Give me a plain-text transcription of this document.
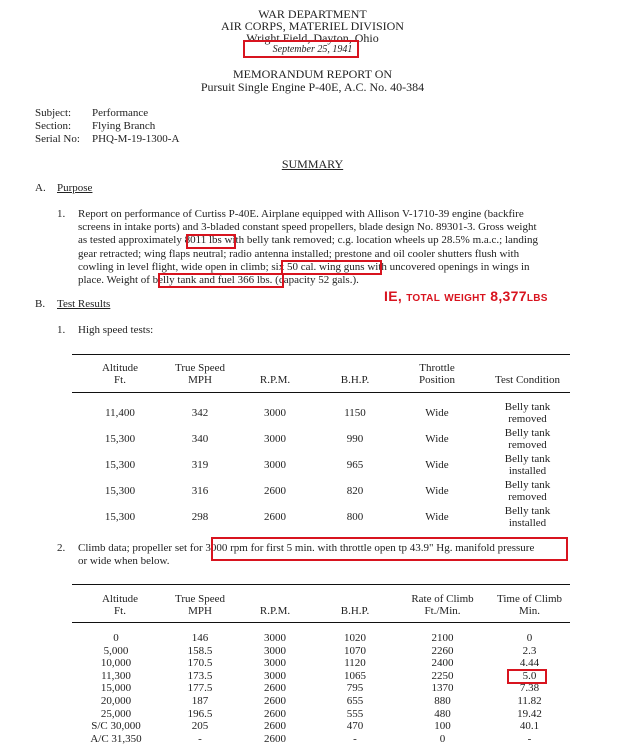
WAR DEPARTMENT
AIR CORPS, MATERIEL DIVISION
Wright Field, Dayton, Ohio
September 25, 1941
MEMORANDUM REPORT ON
Pursuit Single Engine P-40E, A.C. No. 40-384
Subject: Performance
Section: Flying Branch
Serial No: PHQ-M-19-1300-A
SUMMARY
A. Purpose
1. Report on performance of Curtiss P-40E. Airplane equipped with Allison V-1710-39 engine (backfire
screens in intake ports) and 3-bladed constant speed propellers, blade design No. 89301-3. Gross weight
as tested approximately 8011 lbs with belly tank removed; c.g. location wheels up 28.5% m.a.c.; landing
gear retracted; wing flaps neutral; radio antenna installed; prestone and oil cooler shutters flush with
cowling in level flight, wide open in climb; six 50 cal. wing guns with uncovered openings in wings in
place. Weight of belly tank and fuel 366 lbs. (capacity 52 gals.).
IE, total weight 8,377lbs
B. Test Results
1. High speed tests:
Altitude
Ft.
True Speed
MPH	R.P.M.	B.H.P.
Throttle
Position	Test Condition
11,400	342	3000	1150	Wide	Belly tank
removed
15,300	340	3000	990	Wide	Belly tank
removed
15,300	319	3000	965	Wide	Belly tank
installed
15,300	316	2600	820	Wide	Belly tank
removed
15,300	298	2600	800	Wide	Belly tank
installed
2. Climb data; propeller set for 3000 rpm for first 5 min. with throttle open tp 43.9" Hg. manifold pressure
or wide when below.
Altitude
Ft.
True Speed
MPH	R.P.M.	B.H.P.
Rate of Climb
Ft./Min.
Time of Climb
Min.
0	146	3000	1020	2100	0
5,000	158.5	3000	1070	2260	2.3
10,000	170.5	3000	1120	2400	4.44
11,300	173.5	3000	1065	2250	5.0
15,000	177.5	2600	795	1370	7.38
20,000	187	2600	655	880	11.82
25,000	196.5	2600	555	480	19.42
S/C 30,000	205	2600	470	100	40.1
A/C 31,350	-	2600	-	0	-
